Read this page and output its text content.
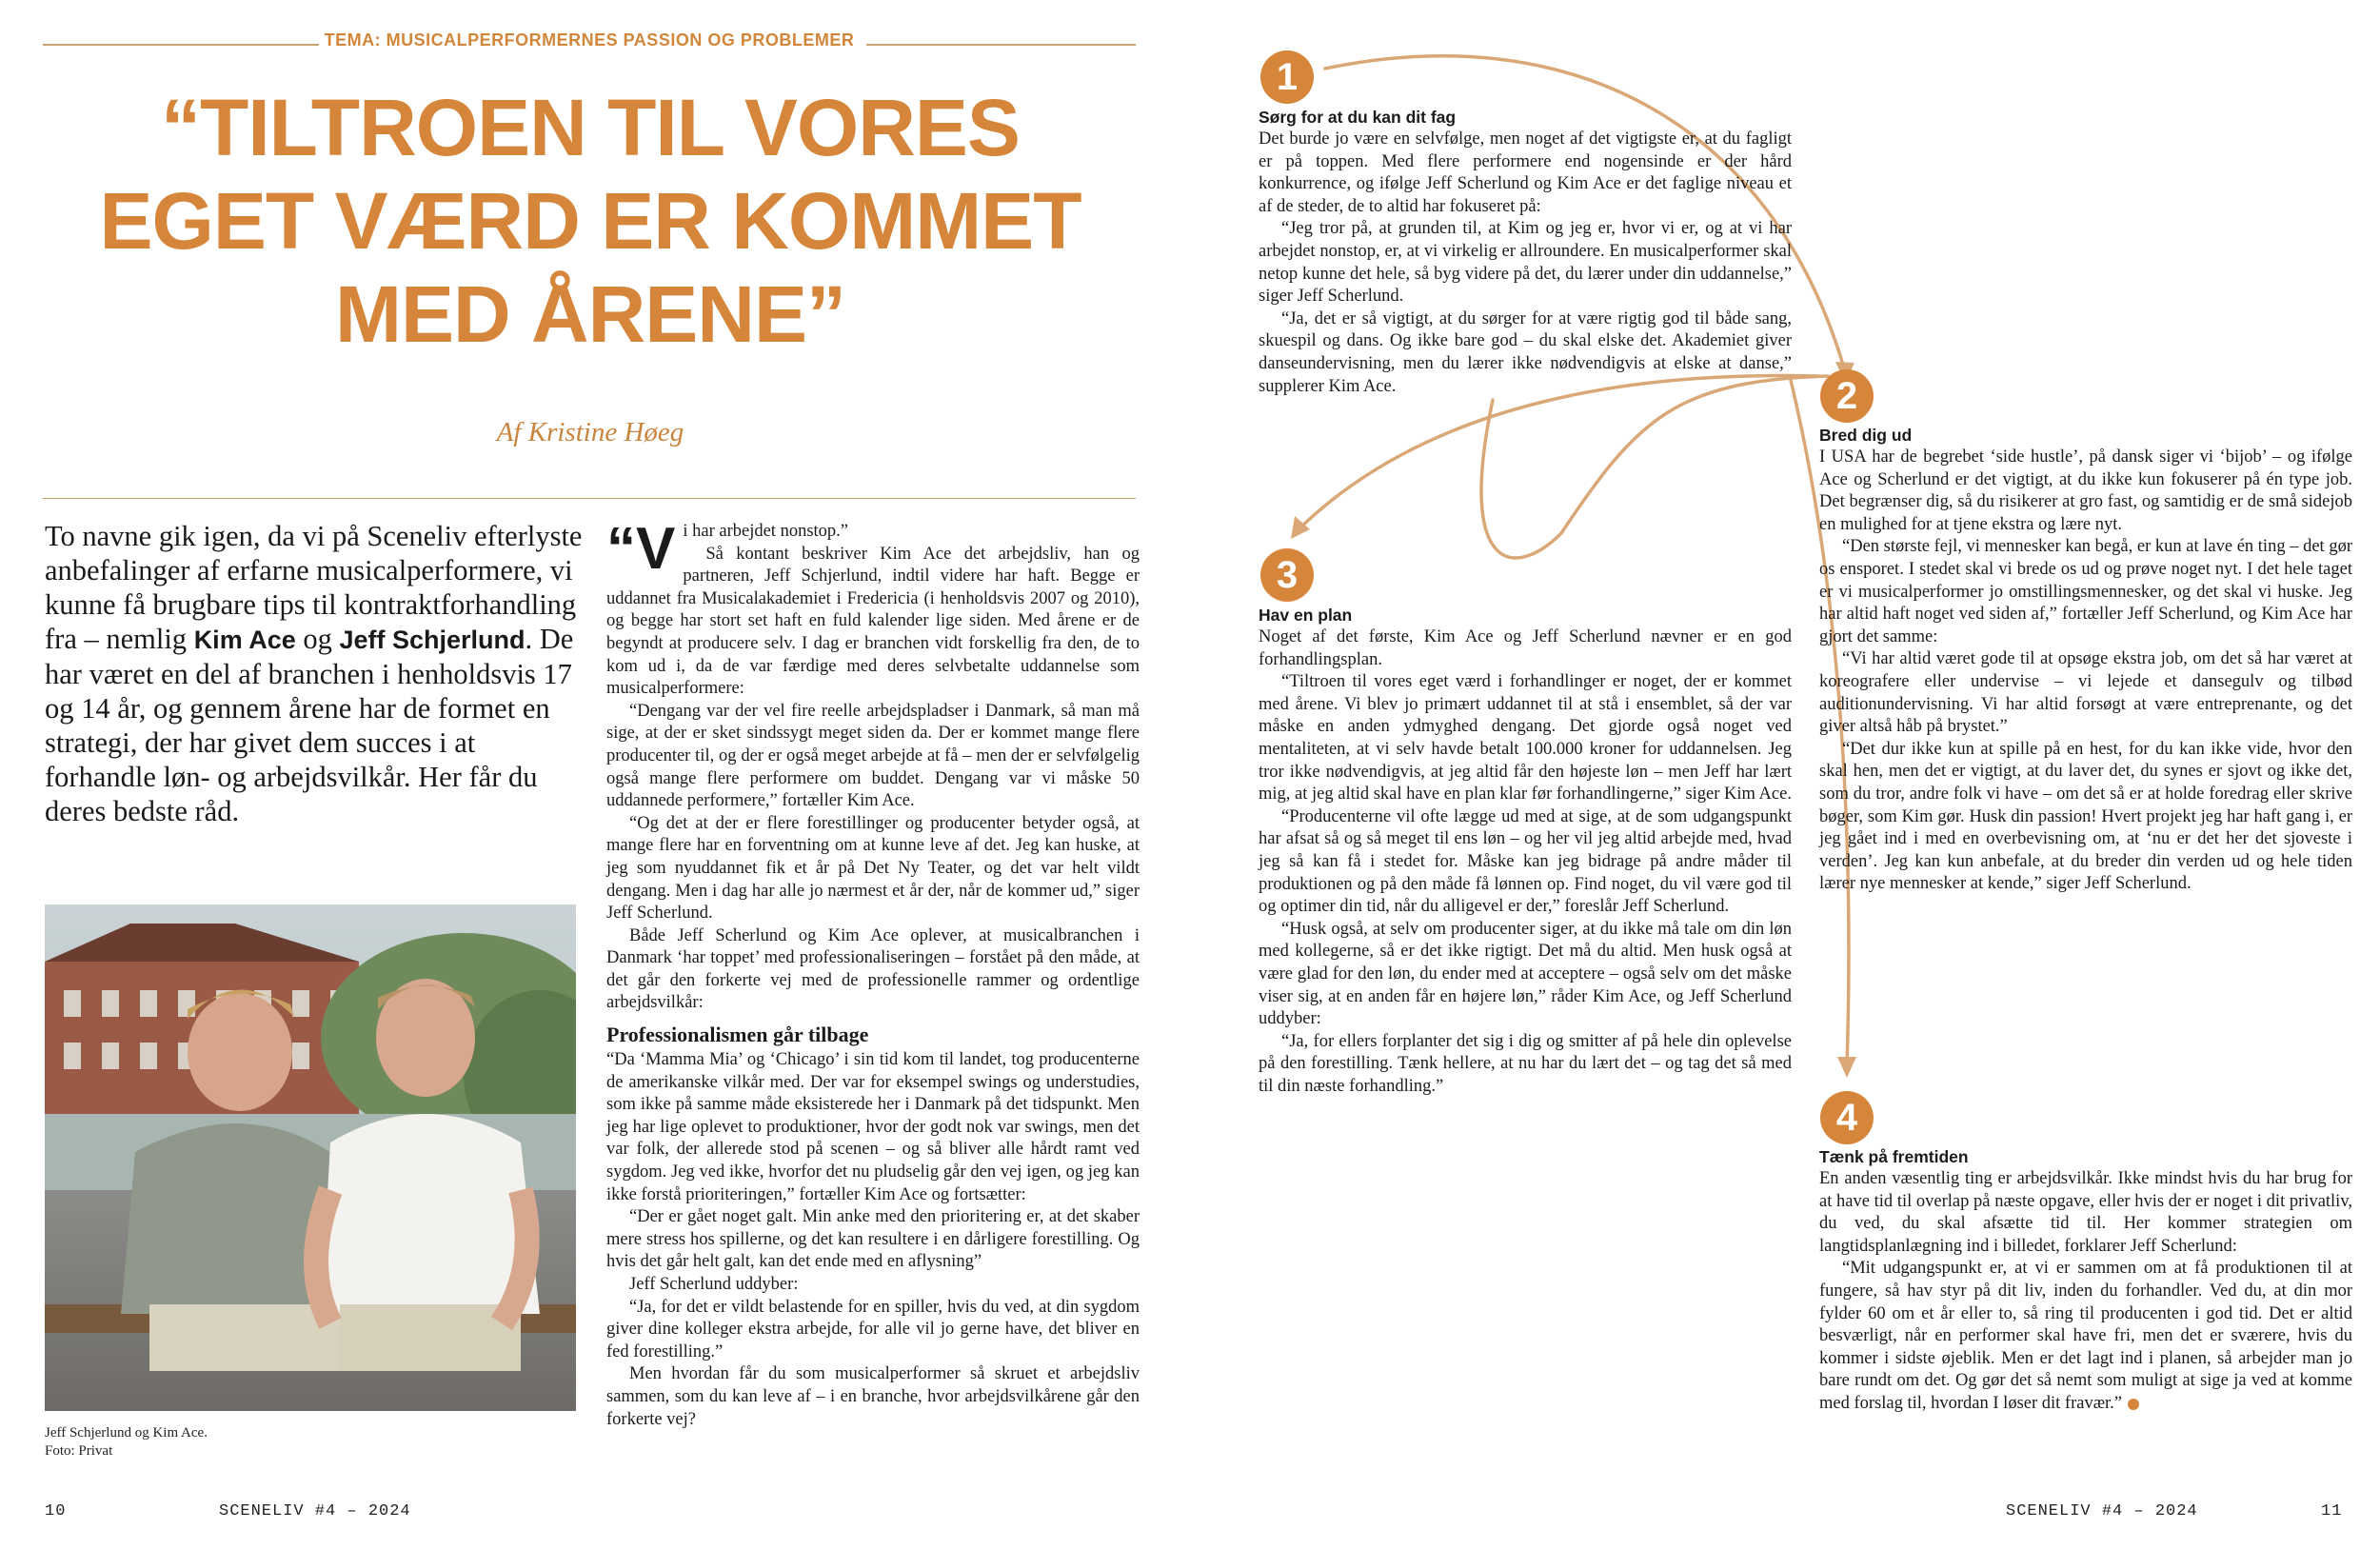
TEMA: MUSICALPERFORMERNES PASSION OG PROBLEMER
“TILTROEN TIL VORES
EGET VÆRD ER KOMMET
MED ÅRENE”
Af Kristine Høeg
To navne gik igen, da vi på Sceneliv efterlyste anbefalinger af erfarne musicalperformere, vi kunne få brugbare tips til kontraktforhandling fra – nemlig Kim Ace og Jeff Schjerlund. De har været en del af branchen i henholdsvis 17 og 14 år, og gennem årene har de formet en strategi, der har givet dem succes i at forhandle løn- og arbejdsvilkår. Her får du deres bedste råd.
Jeff Schjerlund og Kim Ace.
Foto: Privat

“Vi har arbejdet nonstop.”

Så kontant beskriver Kim Ace det arbejdsliv, han og partneren, Jeff Schjerlund, indtil videre har haft. Begge er uddannet fra Musicalakademiet i Fredericia (i henholdsvis 2007 og 2010), og begge har stort set haft en fuld kalender lige siden. Med årene er de begyndt at producere selv. I dag er branchen vidt forskellig fra den, de to kom ud i, da de var færdige med deres selvbetalte uddannelse som musicalperformere:

“Dengang var der vel fire reelle arbejdspladser i Danmark, så man må sige, at der er sket sindssygt meget siden da. Der er kommet mange flere producenter til, og der er også meget arbejde at få – men der er selvfølgelig også mange flere performere om buddet. Dengang var vi måske 50 uddannede performere,” fortæller Kim Ace.

“Og det at der er flere forestillinger og producenter betyder også, at mange flere har en forventning om at kunne leve af det. Jeg kan huske, at jeg som nyuddannet fik et år på Det Ny Teater, og det var helt vildt dengang. Men i dag har alle jo nærmest et år der, når de kommer ud,” siger Jeff Scherlund.

Både Jeff Scherlund og Kim Ace oplever, at musicalbranchen i Danmark ‘har toppet’ med professionaliseringen – forstået på den måde, at det går den forkerte vej med de professionelle rammer og ordentlige arbejdsvilkår:

Professionalismen går tilbage

“Da ‘Mamma Mia’ og ‘Chicago’ i sin tid kom til landet, tog producenterne de amerikanske vilkår med. Der var for eksempel swings og understudies, som ikke på samme måde eksisterede her i Danmark på det tidspunkt. Men jeg har lige oplevet to produktioner, hvor der godt nok var swings, men det var folk, der allerede stod på scenen – og så bliver alle hårdt ramt ved sygdom. Jeg ved ikke, hvorfor det nu pludselig går den vej igen, og jeg kan ikke forstå prioriteringen,” fortæller Kim Ace og fortsætter:

“Der er gået noget galt. Min anke med den prioritering er, at det skaber mere stress hos spillerne, og det kan resultere i en dårligere forestilling. Og hvis det går helt galt, kan det ende med en aflysning”

Jeff Scherlund uddyber:

“Ja, for det er vildt belastende for en spiller, hvis du ved, at din sygdom giver dine kolleger ekstra arbejde, for alle vil jo gerne have, det bliver en fed forestilling.”

Men hvordan får du som musicalperformer så skruet et arbejdsliv sammen, som du kan leve af – i en branche, hvor arbejdsvilkårene går den forkerte vej?

10	SCENELIV #4 – 2024
1
Sørg for at du kan dit fag

Det burde jo være en selvfølge, men noget af det vigtigste er, at du fagligt er på toppen. Med flere performere end nogensinde er der hård konkurrence, og ifølge Jeff Scherlund og Kim Ace er det faglige niveau et af de steder, de to altid har fokuseret på:

“Jeg tror på, at grunden til, at Kim og jeg er, hvor vi er, og at vi har arbejdet nonstop, er, at vi virkelig er allroundere. En musicalperformer skal netop kunne det hele, så byg videre på det, du lærer under din uddannelse,” siger Jeff Scherlund.

“Ja, det er så vigtigt, at du sørger for at være rigtig god til både sang, skuespil og dans. Og ikke bare god – du skal elske det. Akademiet giver danseundervisning, men du lærer ikke nødvendigvis at elske at danse,” supplerer Kim Ace.	2
Bred dig ud

I USA har de begrebet ‘side hustle’, på dansk siger vi ‘bijob’ – og ifølge Ace og Scherlund er det vigtigt, at du ikke kun fokuserer på én type job. Det begrænser dig, så du risikerer at gro fast, og samtidig er de små sidejob en mulighed for at tjene ekstra og lære nyt.

“Den største fejl, vi mennesker kan begå, er kun at lave én ting – det gør os ensporet. I stedet skal vi brede os ud og prøve noget nyt. I det hele taget er vi musicalperformer jo omstillingsmennesker, og det skal vi huske. Jeg har altid haft noget ved siden af,” fortæller Jeff Scherlund, og Kim Ace har gjort det samme:

“Vi har altid været gode til at opsøge ekstra job, om det så har været at koreografere eller undervise – vi lejede et dansegulv og tilbød auditionundervisning. Vi har altid forsøgt at være entreprenante, og det giver altså håb på brystet.”

“Det dur ikke kun at spille på en hest, for du kan ikke vide, hvor den skal hen, men det er vigtigt, at du laver det, du synes er sjovt og ikke det, som du tror, andre folk vi have – om det så er at holde foredrag eller skrive bøger, som Kim gør. Husk din passion! Hvert projekt jeg har haft gang i, er jeg gået ind i med en overbevisning om, at ‘nu er det her det sjoveste i verden’. Jeg kan kun anbefale, at du breder din verden ud og hele tiden lærer nye mennesker at kende,” siger Jeff Scherlund.

3
Hav en plan

Noget af det første, Kim Ace og Jeff Scherlund nævner er en god forhandlingsplan.

“Tiltroen til vores eget værd i forhandlinger er noget, der er kommet med årene. Vi blev jo primært uddannet til at stå i ensemblet, så der var måske en anden ydmyghed dengang. Det gjorde også noget ved mentaliteten, at vi selv havde betalt 100.000 kroner for uddannelsen. Jeg tror ikke nødvendigvis, at jeg altid får den højeste løn – men Jeff har lært mig, at jeg altid skal have en plan klar før forhandlingerne,” siger Kim Ace.

“Producenterne vil ofte lægge ud med at sige, at de som udgangspunkt har afsat så og så meget til ens løn – og her vil jeg altid arbejde med, hvad jeg så kan få i stedet for. Måske kan jeg bidrage på andre måder til produktionen og på den måde få lønnen op. Find noget, du vil være god til og optimer din tid, når du alligevel er der,” foreslår Jeff Scherlund.

“Husk også, at selv om producenter siger, at du ikke må tale om din løn med kollegerne, så er det ikke rigtigt. Det må du altid. Men husk også at være glad for den løn, du ender med at acceptere – også selv om det måske viser sig, at en anden får en højere løn,” råder Kim Ace, og Jeff Scherlund uddyber:

“Ja, for ellers forplanter det sig i dig og smitter af på hele din oplevelse på den forestilling. Tænk hellere, at nu har du lært det – og tag det så med til din næste forhandling.”

4
Tænk på fremtiden

En anden væsentlig ting er arbejdsvilkår. Ikke mindst hvis du har brug for at have tid til overlap på næste opgave, eller hvis der er noget i dit privatliv, du ved, du skal afsætte tid til. Her kommer strategien om langtidsplanlægning ind i billedet, forklarer Jeff Scherlund:

“Mit udgangspunkt er, at vi er sammen om at få produktionen til at fungere, så hav styr på dit liv, inden du forhandler. Ved du, at din mor fylder 60 om et år eller to, så ring til producenten i god tid. Det er altid besværligt, når en performer skal have fri, men det er sværere, hvis du kommer i sidste øjeblik. Men er det lagt ind i planen, så arbejder man jo bare rundt om det. Og gør det så nemt som muligt at sige ja ved at komme med forslag til, hvordan I løser dit fravær.”

SCENELIV #4 – 2024	11
